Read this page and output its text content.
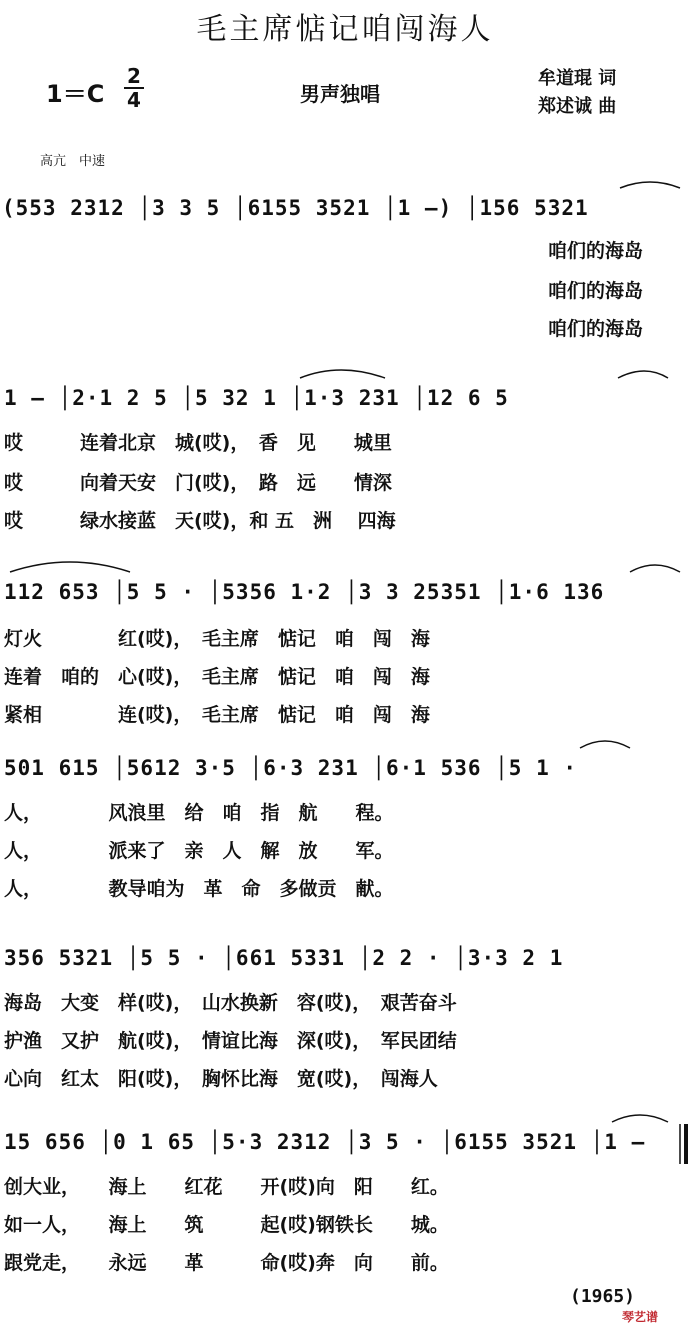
毛主席惦记咱闯海人
1＝C
2
4	男声独唱
牟道琨 词
郑述诚 曲
高亢　中速
(553 2312 │3 3 5 │6155 3521 │1 —) │156 5321
咱们的海岛
咱们的海岛
咱们的海岛
1 — │2·1 2 5 │5 32 1 │1·3 231 │12 6 5
哎　　　连着北京　城(哎)，　香　见　　城里
哎　　　向着天安　门(哎)，　路　远　　情深
哎　　　绿水接蓝　天(哎)，和 五　洲　 四海
112 653 │5 5 · │5356 1·2 │3 3 25351 │1·6 136
灯火　　　　红(哎)，　毛主席　惦记　咱　闯　海
连着　咱的　心(哎)，　毛主席　惦记　咱　闯　海
紧相　　　　连(哎)，　毛主席　惦记　咱　闯　海
501 615 │5612 3·5 │6·3 231 │6·1 536 │5 1 ·
人，　　　　风浪里　给　咱　指　航　　程。
人，　　　　派来了　亲　人　解　放　　军。
人，　　　　教导咱为　革　命　多做贡　献。
356 5321 │5 5 · │661 5331 │2 2 · │3·3 2 1
海岛　大变　样(哎)，　山水换新　容(哎)，　艰苦奋斗
护渔　又护　航(哎)，　情谊比海　深(哎)，　军民团结
心向　红太　阳(哎)，　胸怀比海　宽(哎)，　闯海人
15 656 │0 1 65 │5·3 2312 │3 5 · │6155 3521 │1 —
创大业，　　海上　　红花　　开(哎)向　阳　　红。
如一人，　　海上　　筑　　　起(哎)钢铁长　　城。
跟党走，　　永远　　革　　　命(哎)奔　向　　前。
(1965)
琴艺谱
